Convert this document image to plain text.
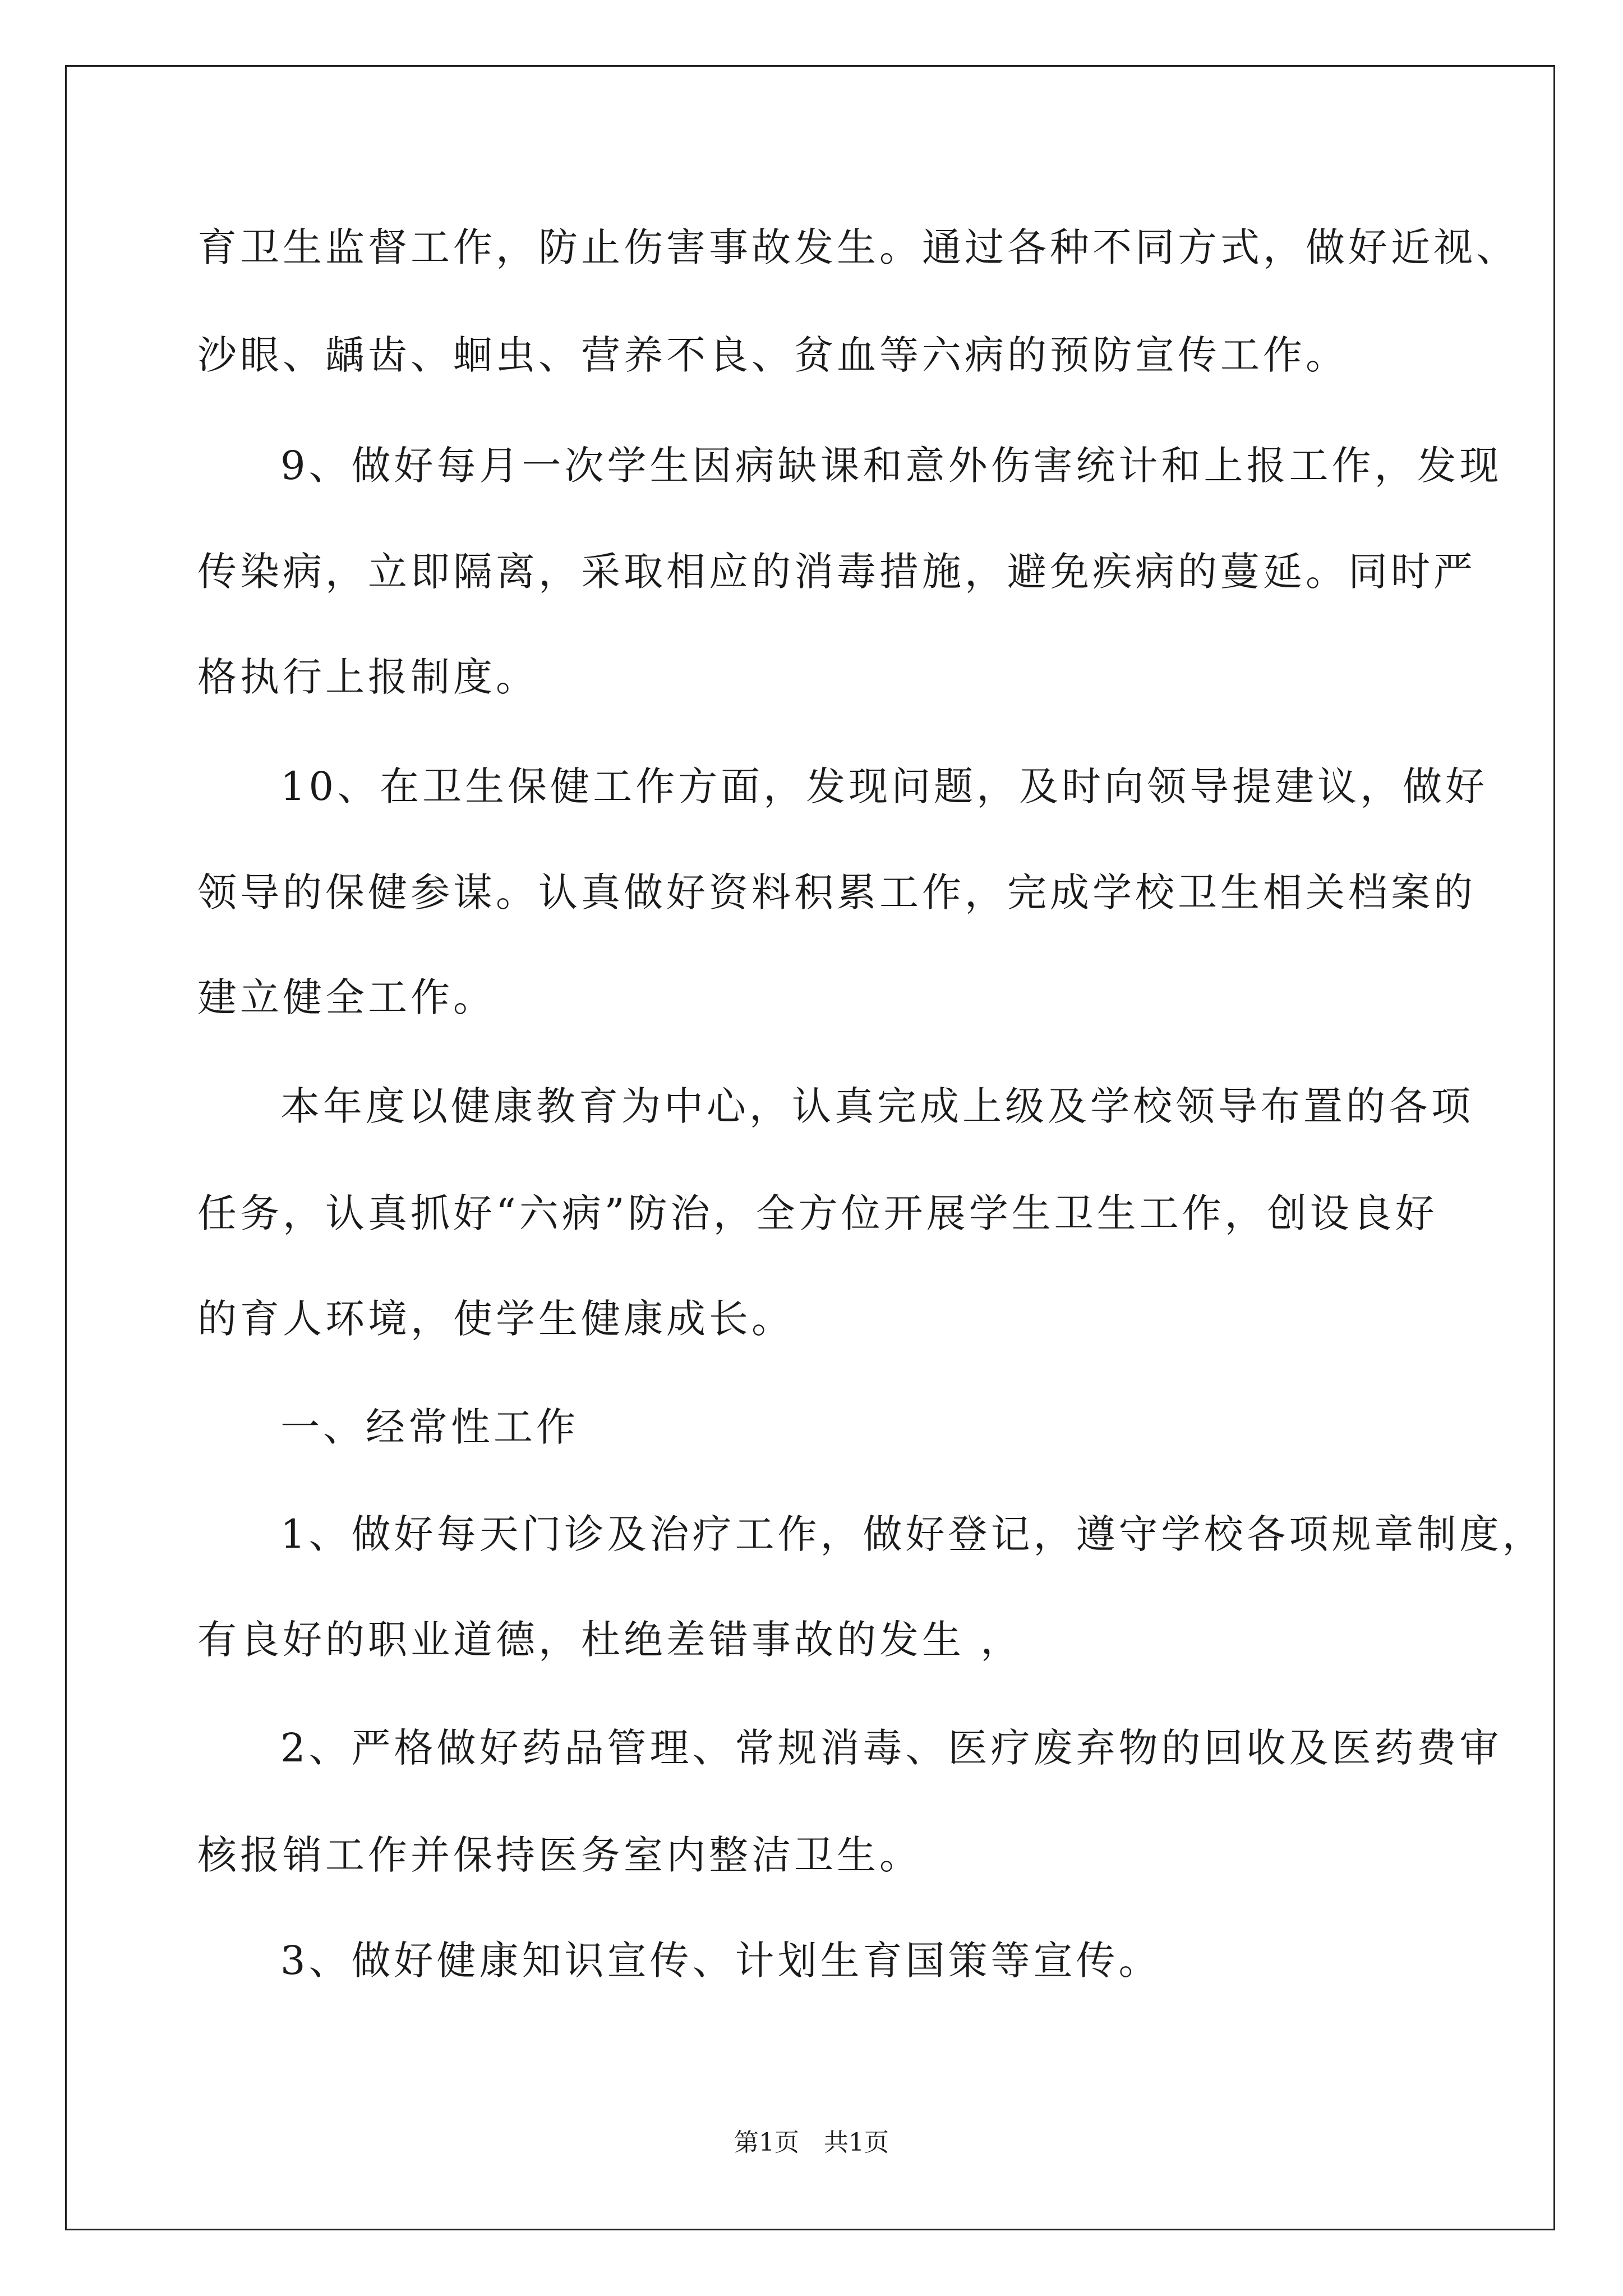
育卫生监督工作，防止伤害事故发生。通过各种不同方式，做好近视、
沙眼、龋齿、蛔虫、营养不良、贫血等六病的预防宣传工作。
9、做好每月一次学生因病缺课和意外伤害统计和上报工作，发现
传染病，立即隔离，采取相应的消毒措施，避免疾病的蔓延。同时严
格执行上报制度。
10、在卫生保健工作方面，发现问题，及时向领导提建议，做好
领导的保健参谋。认真做好资料积累工作，完成学校卫生相关档案的
建立健全工作。
本年度以健康教育为中心，认真完成上级及学校领导布置的各项
任务，认真抓好“六病”防治，全方位开展学生卫生工作，创设良好
的育人环境，使学生健康成长。
一、经常性工作
1、做好每天门诊及治疗工作，做好登记，遵守学校各项规章制度，
有良好的职业道德，杜绝差错事故的发生 ，
2、严格做好药品管理、常规消毒、医疗废弃物的回收及医药费审
核报销工作并保持医务室内整洁卫生。
3、做好健康知识宣传、计划生育国策等宣传。
第1页　共1页
